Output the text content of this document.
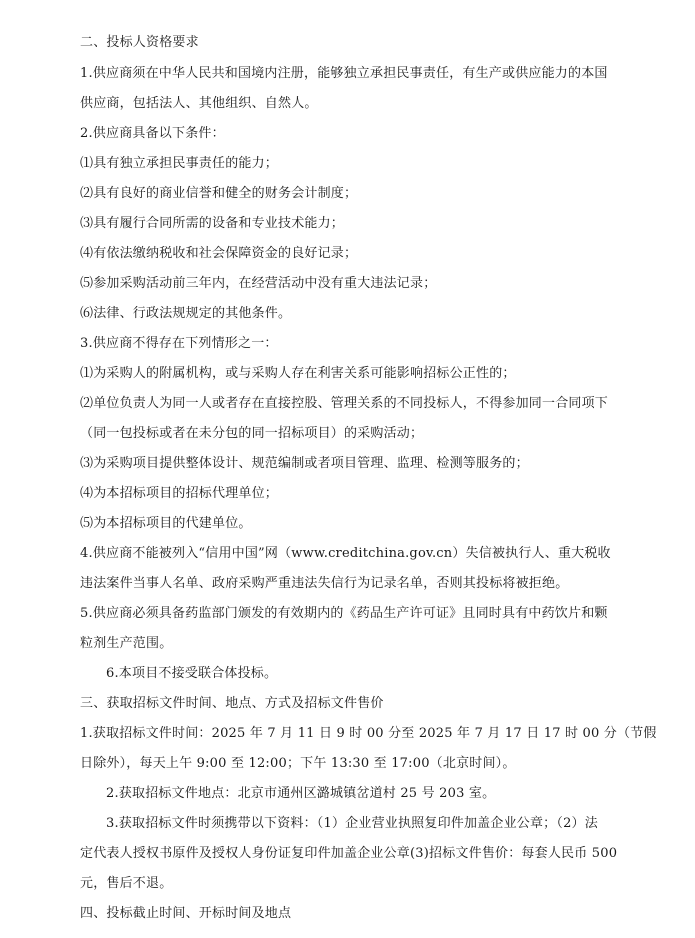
二、投标人资格要求
1.供应商须在中华人民共和国境内注册，能够独立承担民事责任，有生产或供应能力的本国
供应商，包括法人、其他组织、自然人。
2.供应商具备以下条件：
⑴具有独立承担民事责任的能力；
⑵具有良好的商业信誉和健全的财务会计制度；
⑶具有履行合同所需的设备和专业技术能力；
⑷有依法缴纳税收和社会保障资金的良好记录；
⑸参加采购活动前三年内，在经营活动中没有重大违法记录；
⑹法律、行政法规规定的其他条件。
3.供应商不得存在下列情形之一：
⑴为采购人的附属机构，或与采购人存在利害关系可能影响招标公正性的；
⑵单位负责人为同一人或者存在直接控股、管理关系的不同投标人，不得参加同一合同项下
（同一包投标或者在未分包的同一招标项目）的采购活动；
⑶为采购项目提供整体设计、规范编制或者项目管理、监理、检测等服务的；
⑷为本招标项目的招标代理单位；
⑸为本招标项目的代建单位。
4.供应商不能被列入“信用中国”网（www.creditchina.gov.cn）失信被执行人、重大税收
违法案件当事人名单、政府采购严重违法失信行为记录名单，否则其投标将被拒绝。
5.供应商必须具备药监部门颁发的有效期内的《药品生产许可证》且同时具有中药饮片和颗
粒剂生产范围。
6.本项目不接受联合体投标。
三、获取招标文件时间、地点、方式及招标文件售价
1.获取招标文件时间：2025 年 7 月 11 日 9 时 00 分至 2025 年 7 月 17 日 17 时 00 分（节假
日除外），每天上午 9:00 至 12:00；下午 13:30 至 17:00（北京时间）。
2.获取招标文件地点：北京市通州区潞城镇岔道村 25 号 203 室。
3.获取招标文件时须携带以下资料：（1）企业营业执照复印件加盖企业公章；（2）法
定代表人授权书原件及授权人身份证复印件加盖企业公章(3)招标文件售价：每套人民币 500
元，售后不退。
四、投标截止时间、开标时间及地点
